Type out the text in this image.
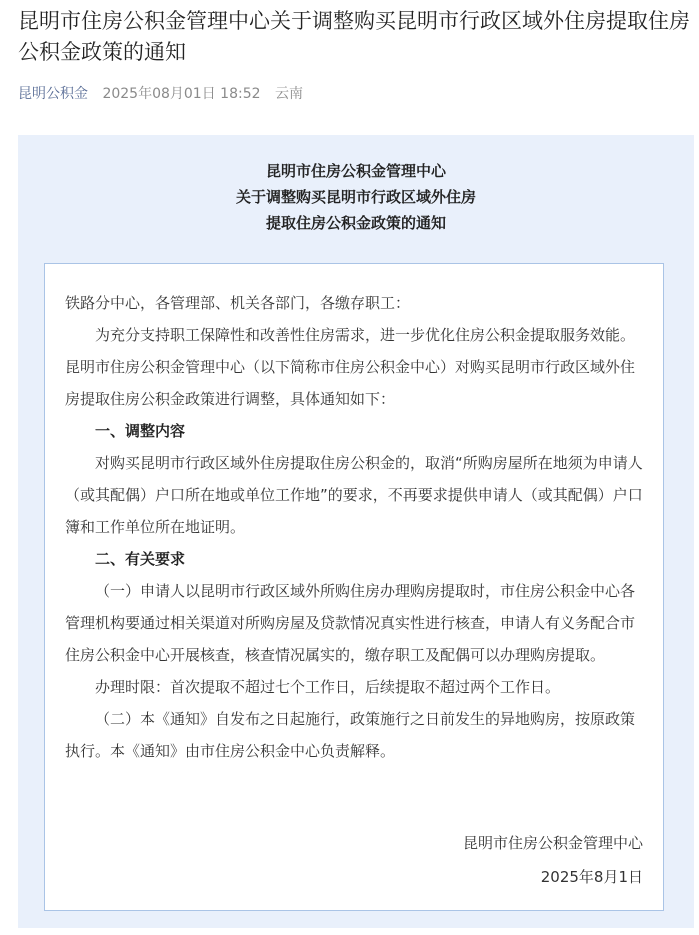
昆明市住房公积金管理中心关于调整购买昆明市行政区域外住房提取住房公积金政策的通知
昆明公积金 2025年08月01日 18:52 云南
昆明市住房公积金管理中心
关于调整购买昆明市行政区域外住房
提取住房公积金政策的通知

铁路分中心，各管理部、机关各部门，各缴存职工：

为充分支持职工保障性和改善性住房需求，进一步优化住房公积金提取服务效能。昆明市住房公积金管理中心（以下简称市住房公积金中心）对购买昆明市行政区域外住房提取住房公积金政策进行调整，具体通知如下：

一、调整内容

对购买昆明市行政区域外住房提取住房公积金的，取消“所购房屋所在地须为申请人（或其配偶）户口所在地或单位工作地”的要求，不再要求提供申请人（或其配偶）户口簿和工作单位所在地证明。

二、有关要求

（一）申请人以昆明市行政区域外所购住房办理购房提取时，市住房公积金中心各管理机构要通过相关渠道对所购房屋及贷款情况真实性进行核查，申请人有义务配合市住房公积金中心开展核查，核查情况属实的，缴存职工及配偶可以办理购房提取。

办理时限：首次提取不超过七个工作日，后续提取不超过两个工作日。

（二）本《通知》自发布之日起施行，政策施行之日前发生的异地购房，按原政策执行。本《通知》由市住房公积金中心负责解释。

昆明市住房公积金管理中心
2025年8月1日
